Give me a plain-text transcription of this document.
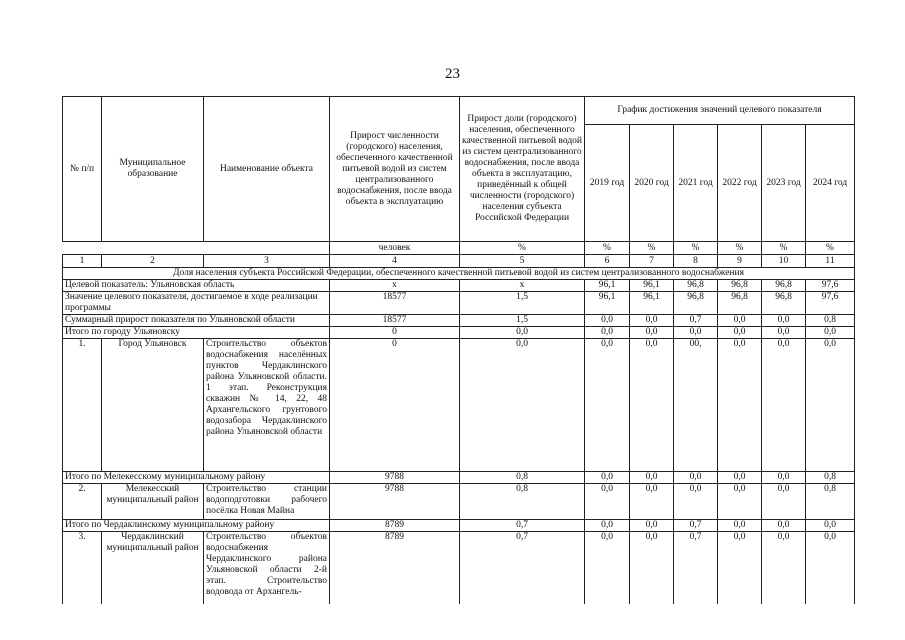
23
№ п/п	Муниципальное образование	Наименование объекта	Прирост численности (городского) населения, обеспеченного качественной питьевой водой из систем централизованного водоснабжения, после ввода объекта в эксплуатацию	Прирост доли (городского) населения, обеспеченного качественной питьевой водой из систем централизованного водоснабжения, после ввода объекта в эксплуатацию, приведённый к общей численности (городского) населения субъекта Российской Федерации	График достижения значений целевого показателя					
					2019 год	2020 год	2021 год	2022 год	2023 год	2024 год
			человек	%	%	%	%	%	%	%
1	2	3	4	5	6	7	8	9	10	11
Доля населения субъекта Российской Федерации, обеспеченного качественной питьевой водой из систем централизованного водоснабжения										
Целевой показатель: Ульяновская область			х	х	96,1	96,1	96,8	96,8	96,8	97,6
Значение целевого показателя, достигаемое в ходе реализации программы			18577	1,5	96,1	96,1	96,8	96,8	96,8	97,6
Суммарный прирост показателя по Ульяновской области			18577	1,5	0,0	0,0	0,7	0,0	0,0	0,8
Итого по городу Ульяновску			0	0,0	0,0	0,0	0,0	0,0	0,0	0,0
1.	Город Ульяновск	Строительство объектов водоснабжения населённых пунктов Чердаклинского района Ульяновской области. 1 этап. Реконструкция скважин № 14, 22, 48 Архангельского грунтового водозабора Чердаклинского района Ульяновской области	0	0,0	0,0	0,0	00,	0,0	0,0	0,0
Итого по Мелекесскому муниципальному району			9788	0,8	0,0	0,0	0,0	0,0	0,0	0,8
2.	Мелекесский муниципальный район	Строительство станции водоподготовки рабочего посёлка Новая Майна	9788	0,8	0,0	0,0	0,0	0,0	0,0	0,8
Итого по Чердаклинскому муниципальному району			8789	0,7	0,0	0,0	0,7	0,0	0,0	0,0
3.	Чердаклинский муниципальный район	Строительство объектов водоснабжения Чердаклинского района Ульяновской области 2-й этап. Строительство водовода от Архангель-	8789	0,7	0,0	0,0	0,7	0,0	0,0	0,0
